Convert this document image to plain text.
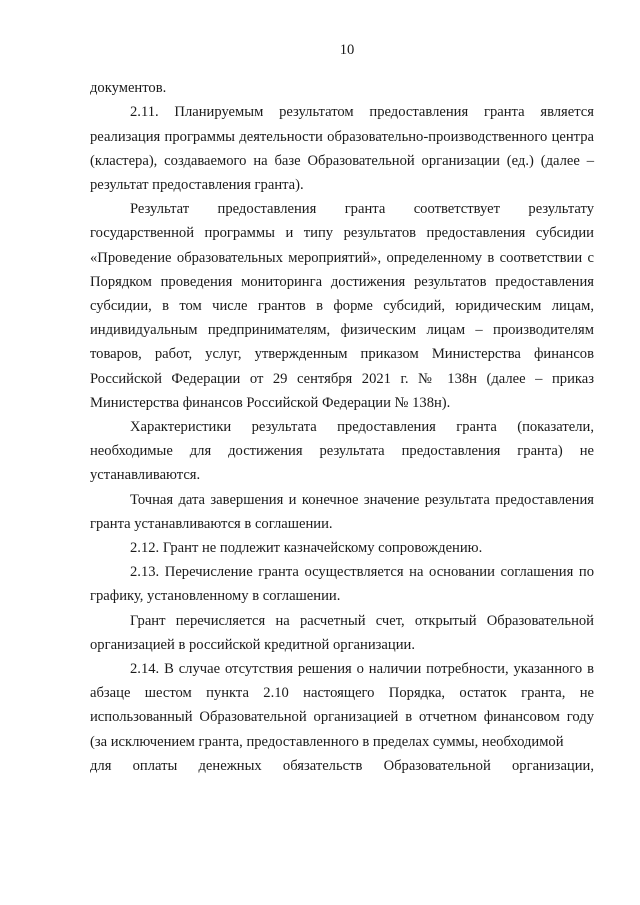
10

документов.

2.11. Планируемым результатом предоставления гранта является реализация программы деятельности образовательно-производственного центра (кластера), создаваемого на базе Образовательной организации (ед.) (далее – результат предоставления гранта).

Результат предоставления гранта соответствует результату государственной программы и типу результатов предоставления субсидии «Проведение образовательных мероприятий», определенному в соответствии с Порядком проведения мониторинга достижения результатов предоставления субсидии, в том числе грантов в форме субсидий, юридическим лицам, индивидуальным предпринимателям, физическим лицам – производителям товаров, работ, услуг, утвержденным приказом Министерства финансов Российской Федерации от 29 сентября 2021 г. № 138н (далее – приказ Министерства финансов Российской Федерации № 138н).

Характеристики результата предоставления гранта (показатели, необходимые для достижения результата предоставления гранта) не устанавливаются.

Точная дата завершения и конечное значение результата предоставления гранта устанавливаются в соглашении.

2.12. Грант не подлежит казначейскому сопровождению.

2.13. Перечисление гранта осуществляется на основании соглашения по графику, установленному в соглашении.

Грант перечисляется на расчетный счет, открытый Образовательной организацией в российской кредитной организации.

2.14. В случае отсутствия решения о наличии потребности, указанного в абзаце шестом пункта 2.10 настоящего Порядка, остаток гранта, не использованный Образовательной организацией в отчетном финансовом году (за исключением гранта, предоставленного в пределах суммы, необходимой

для оплаты денежных обязательств Образовательной организации,
